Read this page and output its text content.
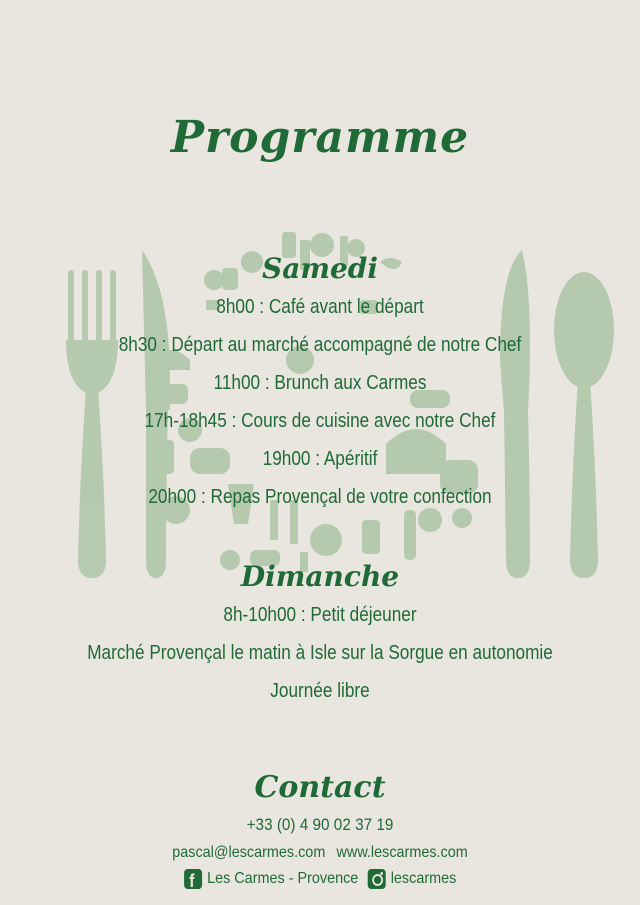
Programme
Samedi
8h00 : Café avant le départ
8h30 : Départ au marché accompagné de notre Chef
11h00 : Brunch aux Carmes
17h-18h45 : Cours de cuisine avec notre Chef
19h00 : Apéritif
20h00 : Repas Provençal de votre confection
Dimanche
8h-10h00 : Petit déjeuner
Marché Provençal le matin à Isle sur la Sorgue en autonomie
Journée libre
Contact
+33 (0) 4 90 02 37 19
pascal@lescarmes.com www.lescarmes.com
f
Les Carmes - Provence lescarmes
